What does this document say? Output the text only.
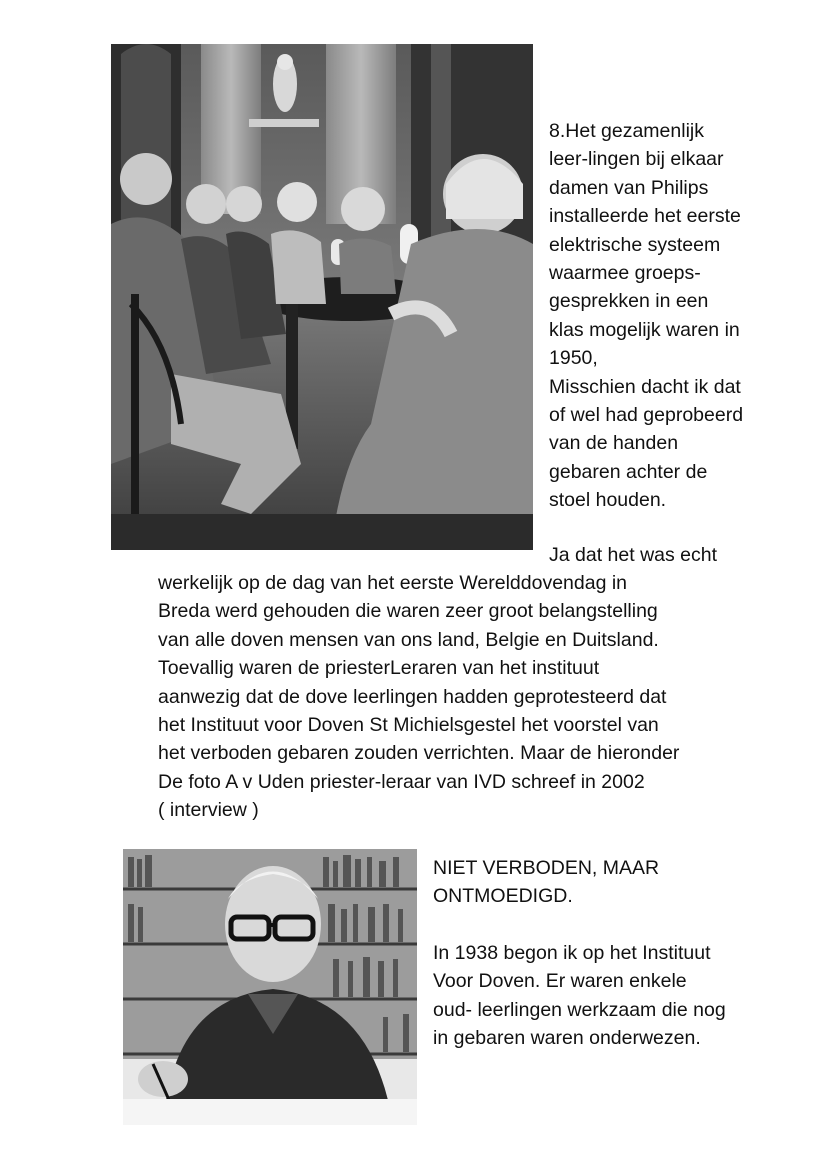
8.Het gezamenlijk
leer-lingen bij elkaar
damen van Philips
installeerde het eerste
elektrische systeem
waarmee groeps-
gesprekken in een
klas mogelijk waren in
1950,
Misschien dacht ik dat
of wel had geprobeerd
van de handen
gebaren achter de
stoel houden.
Ja dat het was echt
werkelijk op de dag van het eerste Werelddovendag in
Breda werd gehouden die waren zeer groot belangstelling
van alle doven mensen van ons land, Belgie en Duitsland.
Toevallig waren de priesterLeraren van het instituut
aanwezig dat de dove leerlingen hadden geprotesteerd dat
het Instituut voor Doven St Michielsgestel het voorstel van
het verboden gebaren zouden verrichten. Maar de hieronder
De foto A v Uden priester-leraar van IVD schreef in 2002
( interview )
NIET VERBODEN, MAAR
ONTMOEDIGD.
In 1938 begon ik op het Instituut
Voor Doven. Er waren enkele
oud- leerlingen werkzaam die nog
in gebaren waren onderwezen.
